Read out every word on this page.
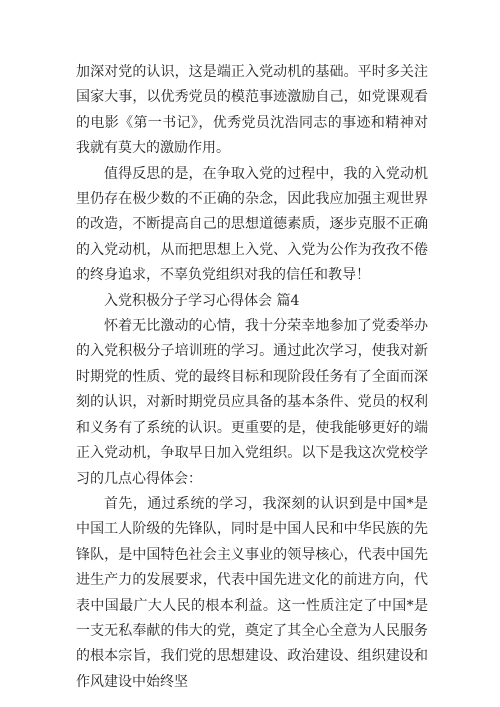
加深对党的认识，这是端正入党动机的基础。平时多关注国家大事，以优秀党员的模范事迹激励自己，如党课观看的电影《第一书记》，优秀党员沈浩同志的事迹和精神对我就有莫大的激励作用。

值得反思的是，在争取入党的过程中，我的入党动机里仍存在极少数的不正确的杂念，因此我应加强主观世界的改造，不断提高自己的思想道德素质，逐步克服不正确的入党动机，从而把思想上入党、入党为公作为孜孜不倦的终身追求，不辜负党组织对我的信任和教导！

入党积极分子学习心得体会 篇4

怀着无比激动的心情，我十分荣幸地参加了党委举办的入党积极分子培训班的学习。通过此次学习，使我对新时期党的性质、党的最终目标和现阶段任务有了全面而深刻的认识，对新时期党员应具备的基本条件、党员的权利和义务有了系统的认识。更重要的是，使我能够更好的端正入党动机，争取早日加入党组织。以下是我这次党校学习的几点心得体会：

首先，通过系统的学习，我深刻的认识到是中国*是中国工人阶级的先锋队，同时是中国人民和中华民族的先锋队，是中国特色社会主义事业的领导核心，代表中国先进生产力的发展要求，代表中国先进文化的前进方向，代表中国最广大人民的根本利益。这一性质注定了中国*是一支无私奉献的伟大的党，奠定了其全心全意为人民服务的根本宗旨，我们党的思想建设、政治建设、组织建设和作风建设中始终坚
